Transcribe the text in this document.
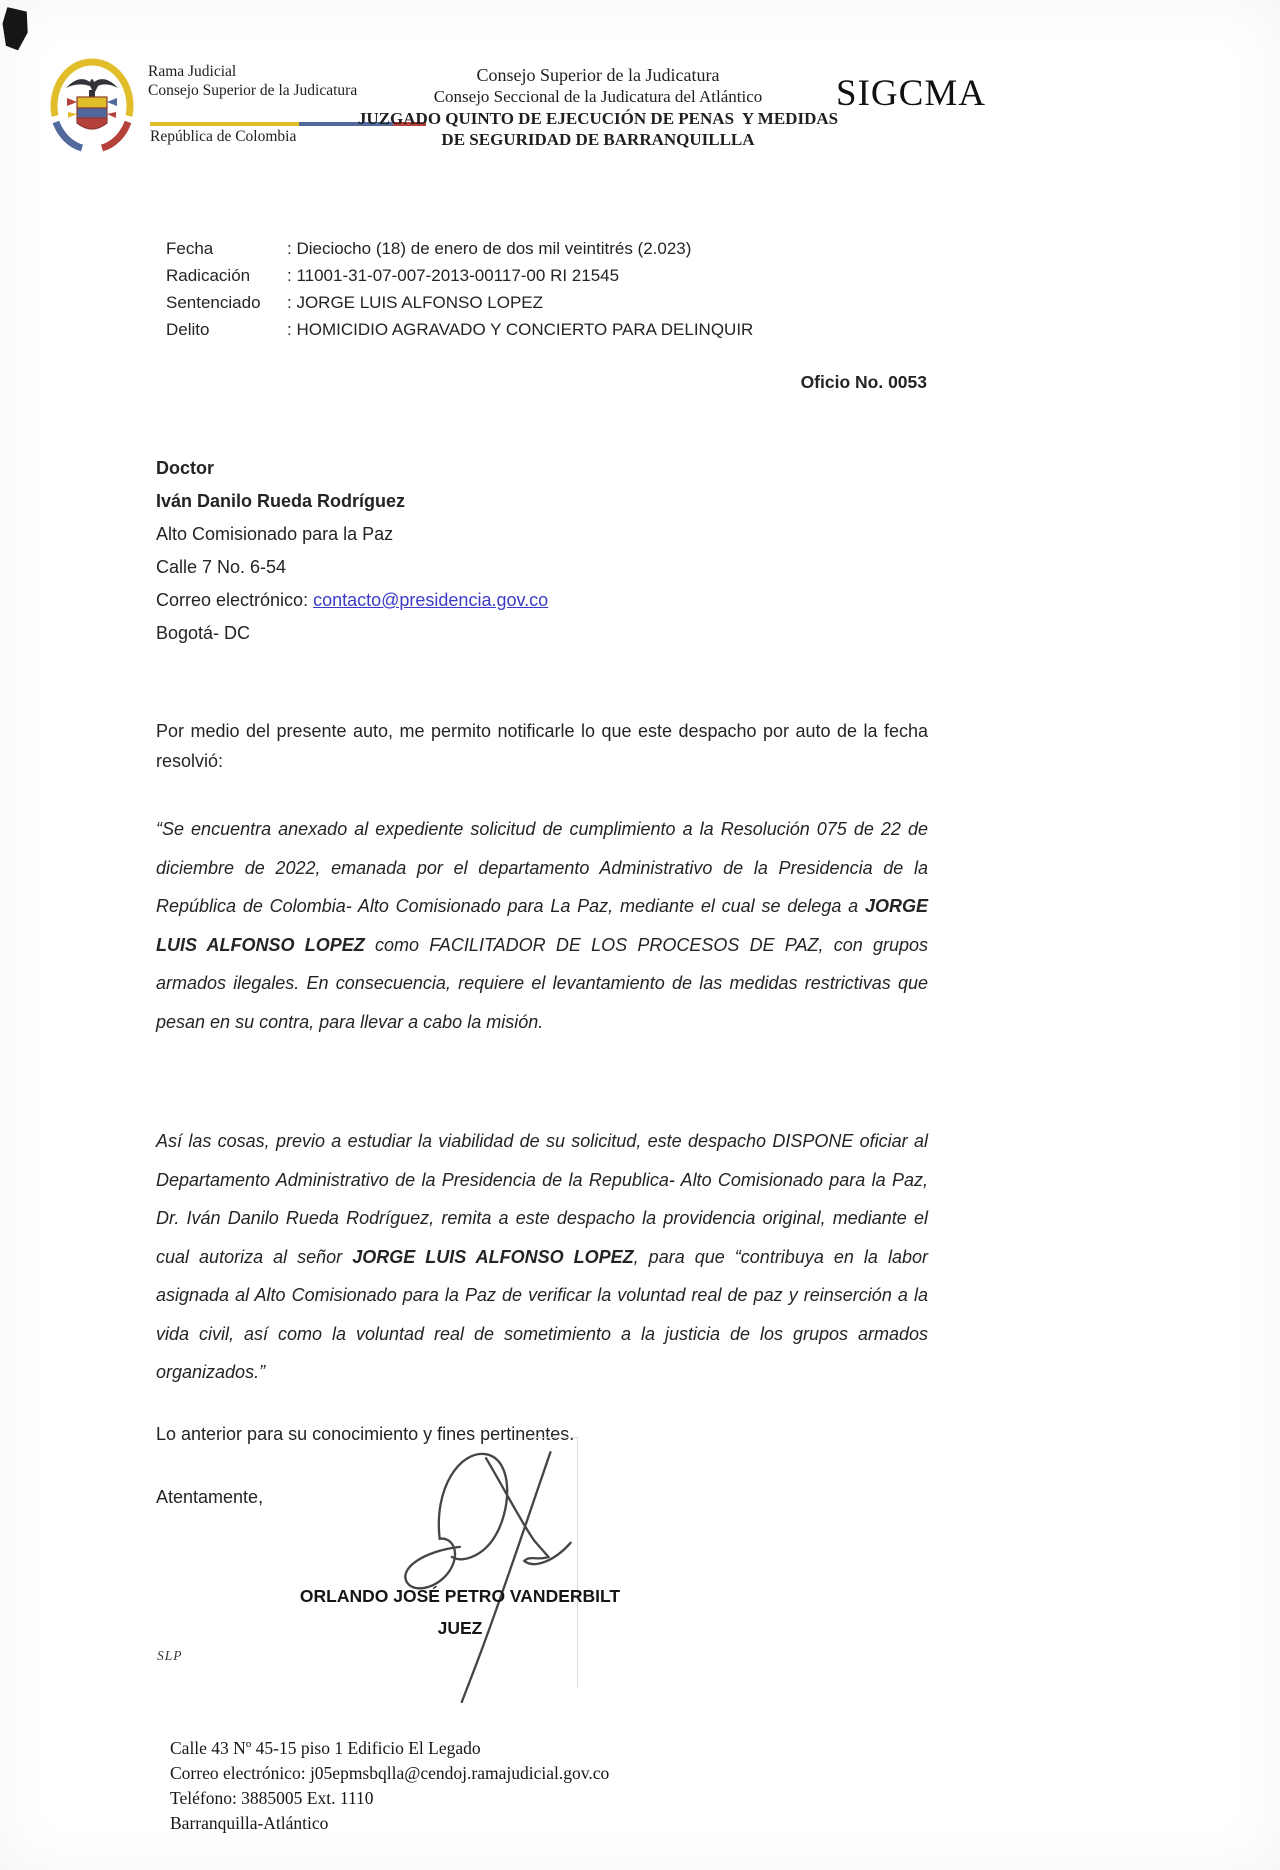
Rama Judicial
Consejo Superior de la Judicatura
República de Colombia
Consejo Superior de la Judicatura
Consejo Seccional de la Judicatura del Atlántico
JUZGADO QUINTO DE EJECUCIÓN DE PENAS  Y MEDIDAS
DE SEGURIDAD DE BARRANQUILLLA
SIGCMA
Fecha	: Dieciocho (18) de enero de dos mil veintitrés (2.023)
Radicación : 11001-31-07-007-2013-00117-00 RI 21545
Sentenciado : JORGE LUIS ALFONSO LOPEZ
Delito	: HOMICIDIO AGRAVADO Y CONCIERTO PARA DELINQUIR
Oficio No. 0053
Doctor
Iván Danilo Rueda Rodríguez
Alto Comisionado para la Paz
Calle 7 No. 6-54
Correo electrónico: contacto@presidencia.gov.co
Bogotá- DC
Por medio del presente auto, me permito notificarle lo que este despacho por auto de la fecha resolvió:
“Se encuentra anexado al expediente solicitud de cumplimiento a la Resolución 075 de 22 de diciembre de 2022, emanada por el departamento Administrativo de la Presidencia de la República de Colombia- Alto Comisionado para La Paz, mediante el cual se delega a JORGE LUIS ALFONSO LOPEZ como FACILITADOR DE LOS PROCESOS DE PAZ, con grupos armados ilegales. En consecuencia, requiere el levantamiento de las medidas restrictivas que pesan en su contra, para llevar a cabo la misión.
Así las cosas, previo a estudiar la viabilidad de su solicitud, este despacho DISPONE oficiar al Departamento Administrativo de la Presidencia de la Republica- Alto Comisionado para la Paz, Dr. Iván Danilo Rueda Rodríguez, remita a este despacho la providencia original, mediante el cual autoriza al señor JORGE LUIS ALFONSO LOPEZ, para que “contribuya en la labor asignada al Alto Comisionado para la Paz de verificar la voluntad real de paz y reinserción a la vida civil, así como la voluntad real de sometimiento a la justicia de los grupos armados organizados.”
Lo anterior para su conocimiento y fines pertinentes.
Atentamente,
ORLANDO JOSÉ PETRO VANDERBILT
JUEZ
SLP
Calle 43 Nº 45-15 piso 1 Edificio El Legado
Correo electrónico: j05epmsbqlla@cendoj.ramajudicial.gov.co
Teléfono: 3885005 Ext. 1110
Barranquilla-Atlántico
